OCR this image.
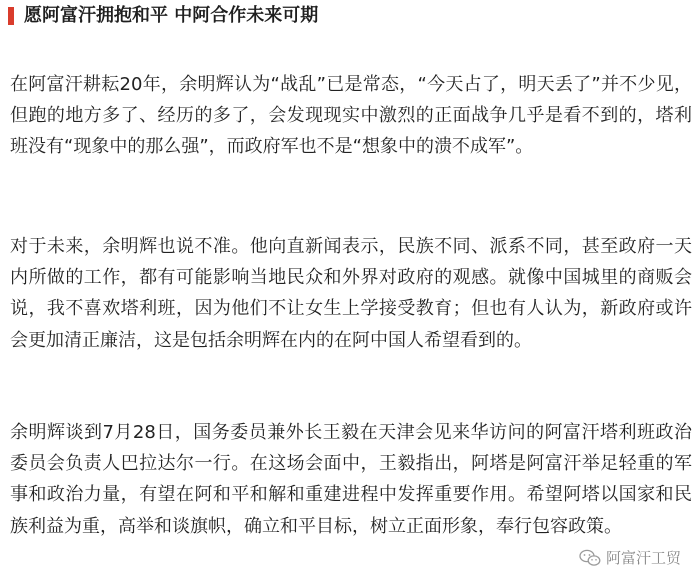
愿阿富汗拥抱和平 中阿合作未来可期

在阿富汗耕耘20年，余明辉认为“战乱”已是常态，“今天占了，明天丢了”并不少见，但跑的地方多了、经历的多了，会发现现实中激烈的正面战争几乎是看不到的，塔利班没有“现象中的那么强”，而政府军也不是“想象中的溃不成军”。

对于未来，余明辉也说不准。他向直新闻表示，民族不同、派系不同，甚至政府一天内所做的工作，都有可能影响当地民众和外界对政府的观感。就像中国城里的商贩会说，我不喜欢塔利班，因为他们不让女生上学接受教育；但也有人认为，新政府或许会更加清正廉洁，这是包括余明辉在内的在阿中国人希望看到的。

余明辉谈到7月28日，国务委员兼外长王毅在天津会见来华访问的阿富汗塔利班政治委员会负责人巴拉达尔一行。在这场会面中，王毅指出，阿塔是阿富汗举足轻重的军事和政治力量，有望在阿和平和解和重建进程中发挥重要作用。希望阿塔以国家和民族利益为重，高举和谈旗帜，确立和平目标，树立正面形象，奉行包容政策。

阿富汗工贸
